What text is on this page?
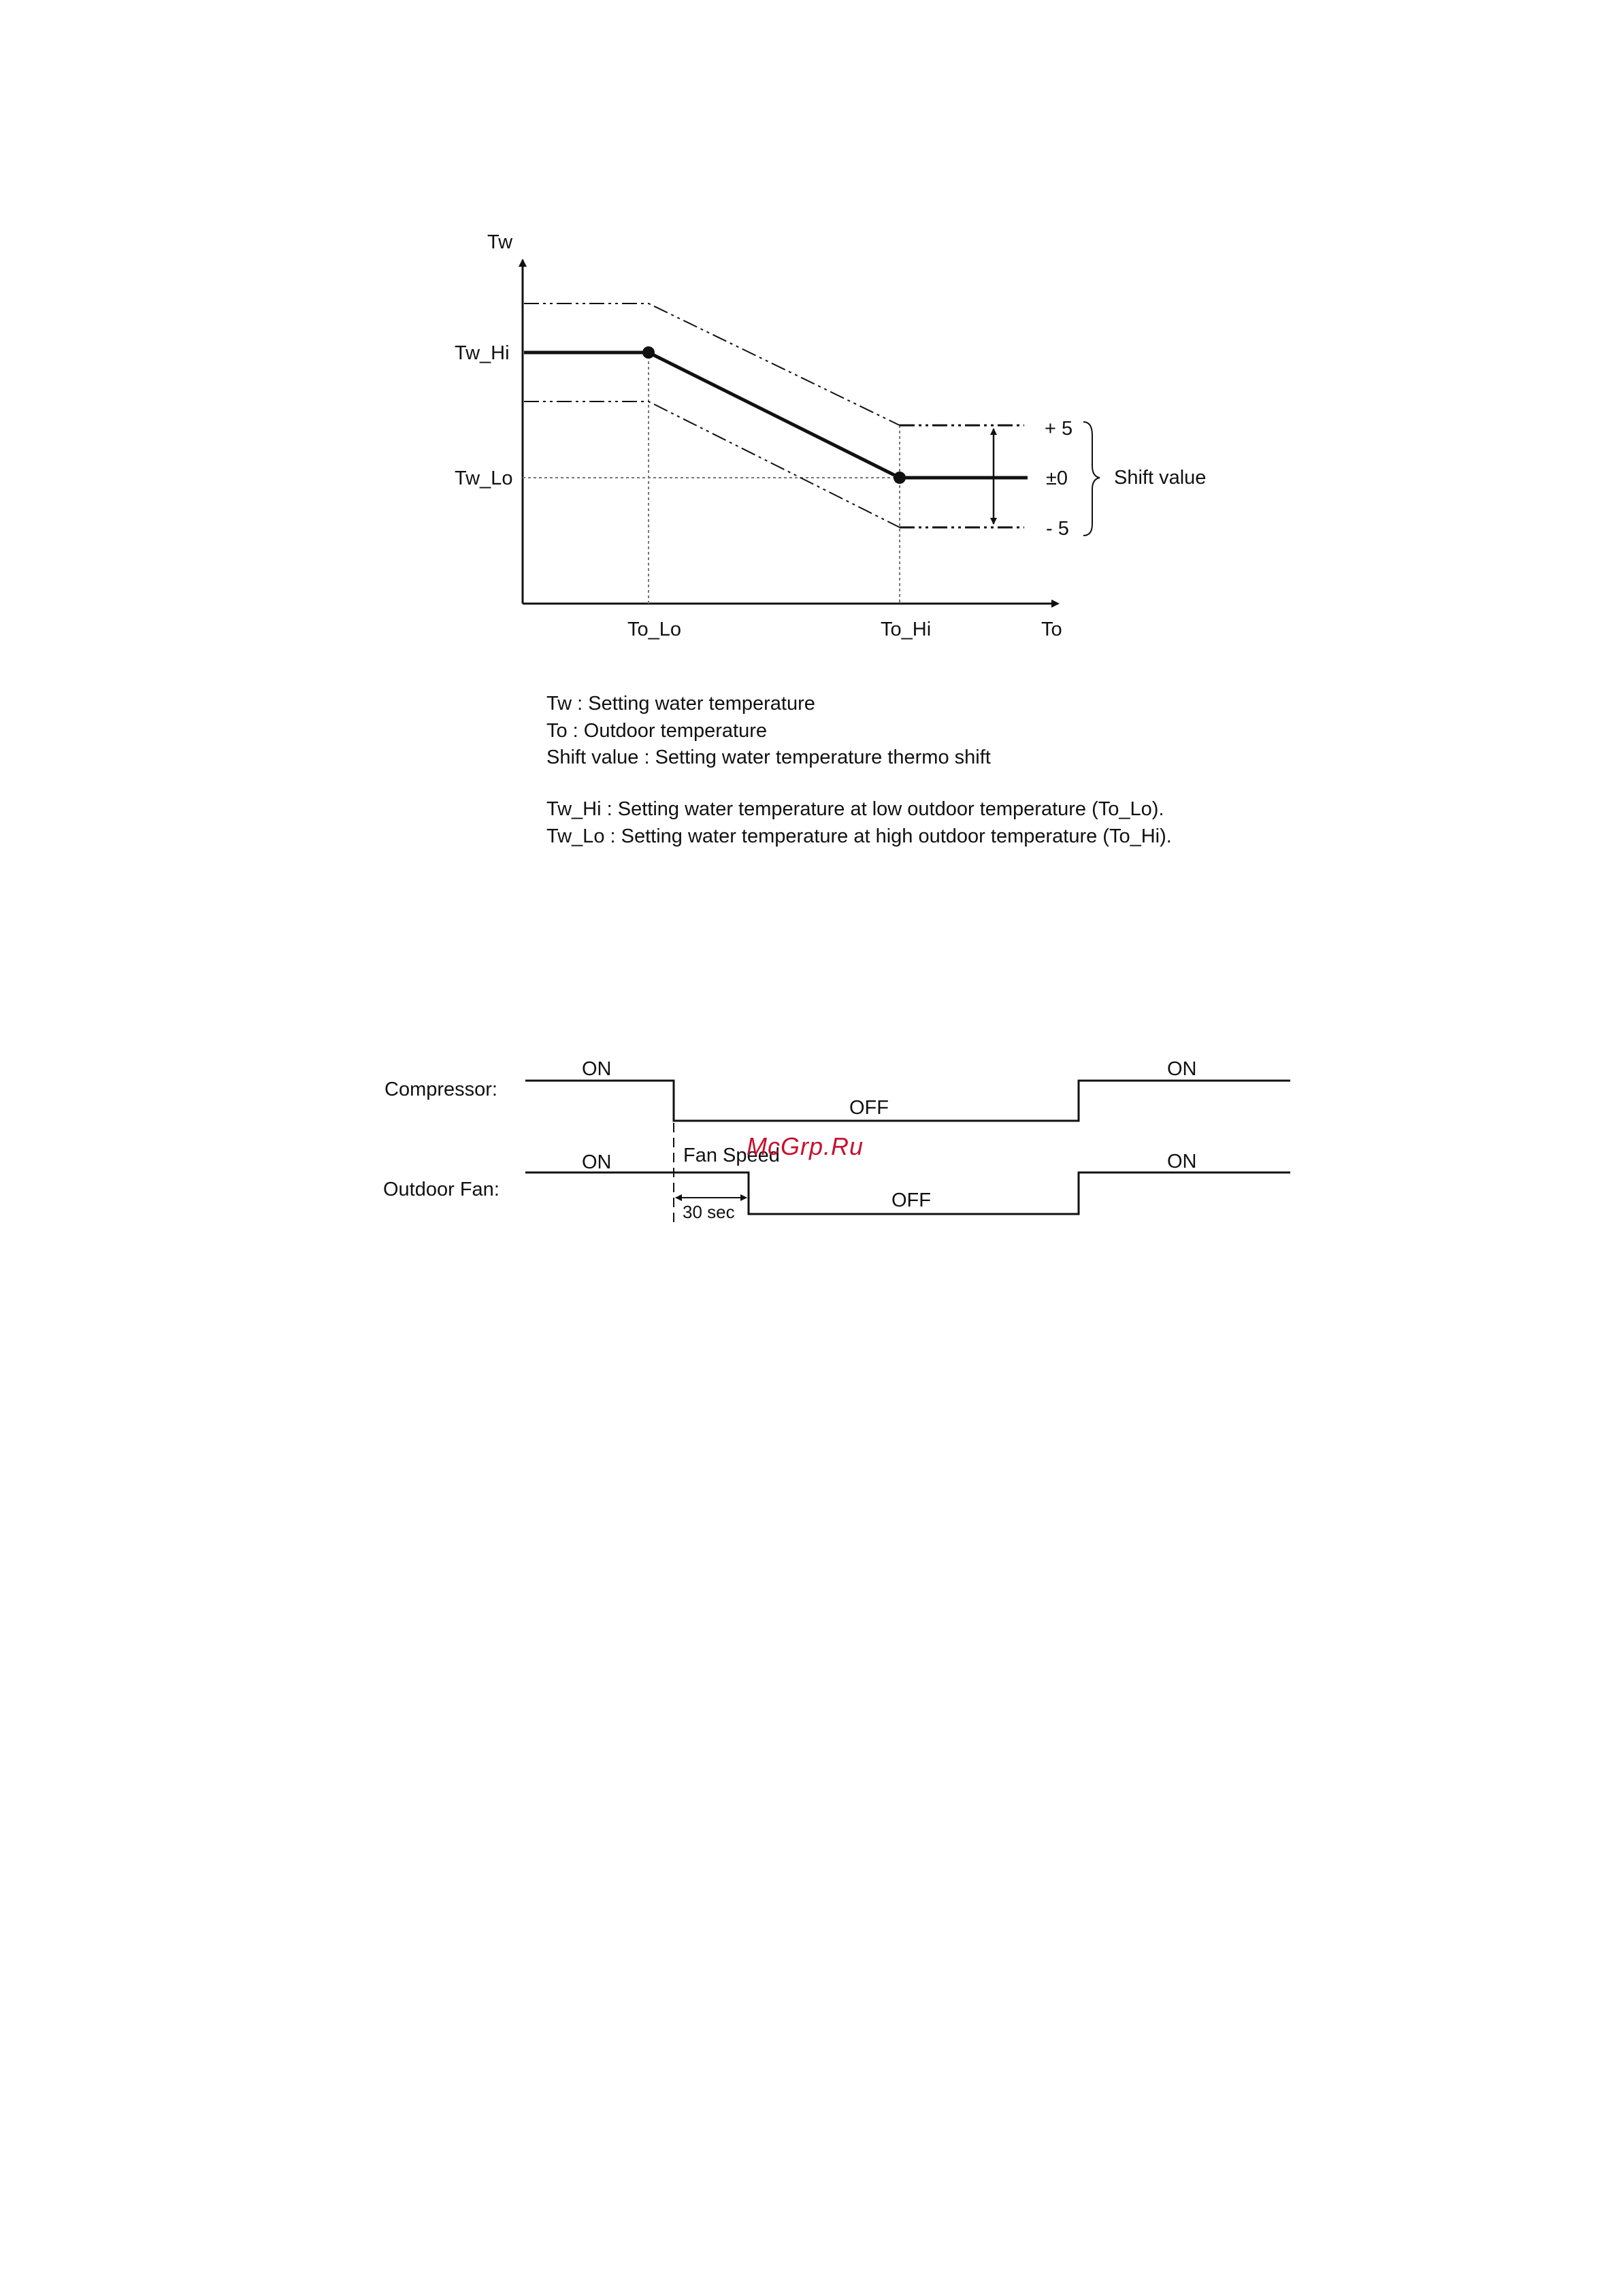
Tw
Tw_Hi
Tw_Lo
To_Lo	To_Hi	To
+ 5
±0
- 5
Shift value
Tw : Setting water temperature
To : Outdoor temperature
Shift value : Setting water temperature thermo shift
Tw_Hi : Setting water temperature at low outdoor temperature (To_Lo).
Tw_Lo : Setting water temperature at high outdoor temperature (To_Hi).
Compressor:
ON
OFF
ON
Outdoor Fan:
ON	Fan Speed
30 sec
OFF
ON
McGrp.Ru
